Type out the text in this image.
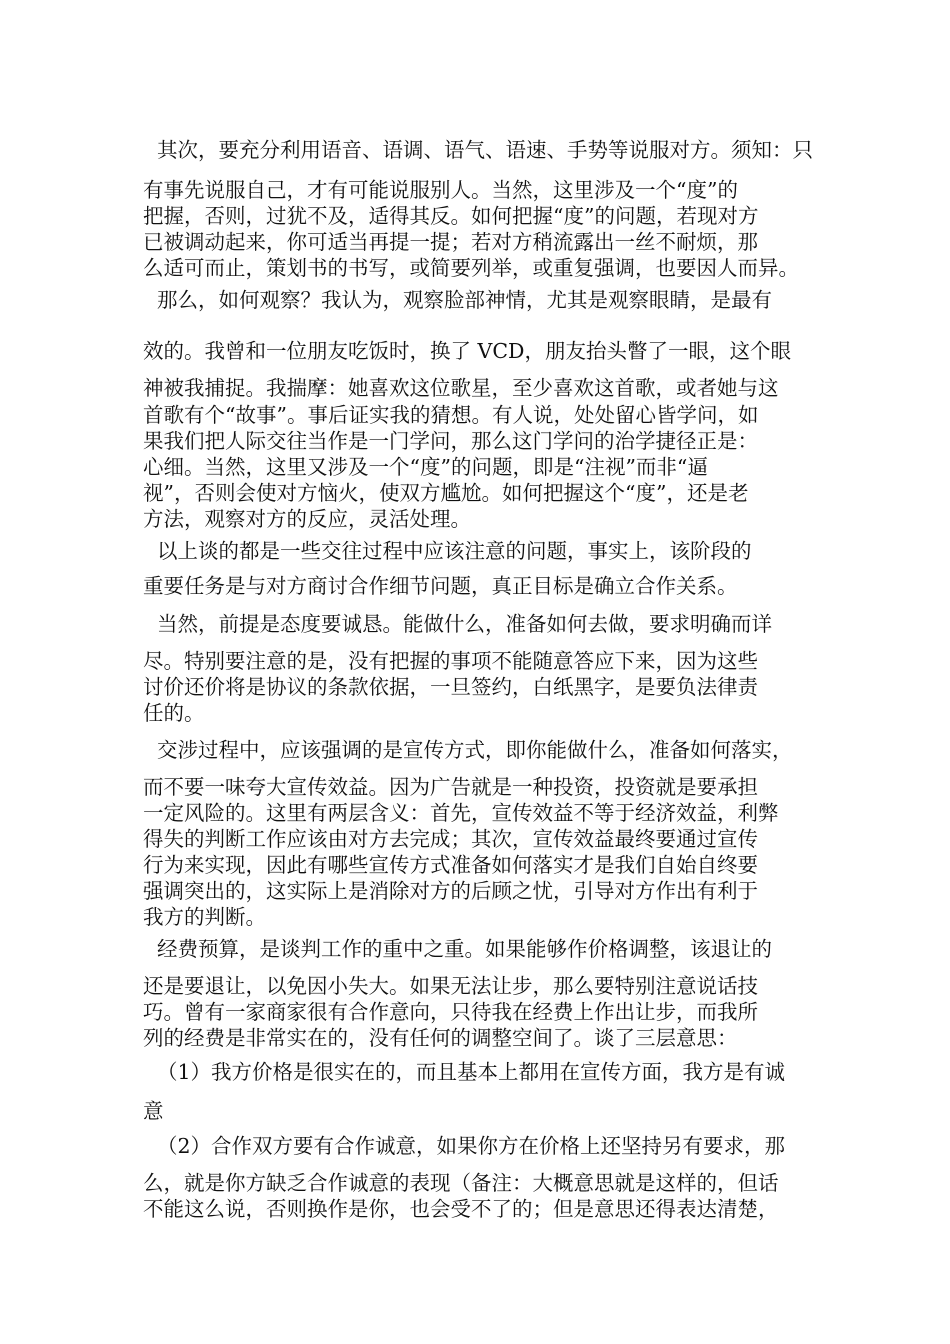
其次，要充分利用语音、语调、语气、语速、手势等说服对方。须知：只
有事先说服自己，才有可能说服别人。当然，这里涉及一个“度”的
把握，否则，过犹不及，适得其反。如何把握“度”的问题，若现对方
已被调动起来，你可适当再提一提；若对方稍流露出一丝不耐烦，那
么适可而止，策划书的书写，或简要列举，或重复强调，也要因人而异。
那么，如何观察？我认为，观察脸部神情，尤其是观察眼睛，是最有
效的。我曾和一位朋友吃饭时，换了 VCD，朋友抬头瞥了一眼，这个眼
神被我捕捉。我揣摩：她喜欢这位歌星，至少喜欢这首歌，或者她与这
首歌有个“故事”。事后证实我的猜想。有人说，处处留心皆学问，如
果我们把人际交往当作是一门学问，那么这门学问的治学捷径正是：
心细。当然，这里又涉及一个“度”的问题，即是“注视”而非“逼
视”，否则会使对方恼火，使双方尴尬。如何把握这个“度”，还是老
方法，观察对方的反应，灵活处理。
以上谈的都是一些交往过程中应该注意的问题，事实上，该阶段的
重要任务是与对方商讨合作细节问题，真正目标是确立合作关系。
当然，前提是态度要诚恳。能做什么，准备如何去做，要求明确而详
尽。特别要注意的是，没有把握的事项不能随意答应下来，因为这些
讨价还价将是协议的条款依据，一旦签约，白纸黑字，是要负法律责
任的。
交涉过程中，应该强调的是宣传方式，即你能做什么，准备如何落实，
而不要一味夸大宣传效益。因为广告就是一种投资，投资就是要承担
一定风险的。这里有两层含义：首先，宣传效益不等于经济效益，利弊
得失的判断工作应该由对方去完成；其次，宣传效益最终要通过宣传
行为来实现，因此有哪些宣传方式准备如何落实才是我们自始自终要
强调突出的，这实际上是消除对方的后顾之忧，引导对方作出有利于
我方的判断。
经费预算，是谈判工作的重中之重。如果能够作价格调整，该退让的
还是要退让，以免因小失大。如果无法让步，那么要特别注意说话技
巧。曾有一家商家很有合作意向，只待我在经费上作出让步，而我所
列的经费是非常实在的，没有任何的调整空间了。谈了三层意思：
（1）我方价格是很实在的，而且基本上都用在宣传方面，我方是有诚
意
（2）合作双方要有合作诚意，如果你方在价格上还坚持另有要求，那
么，就是你方缺乏合作诚意的表现（备注：大概意思就是这样的，但话
不能这么说，否则换作是你，也会受不了的；但是意思还得表达清楚，
